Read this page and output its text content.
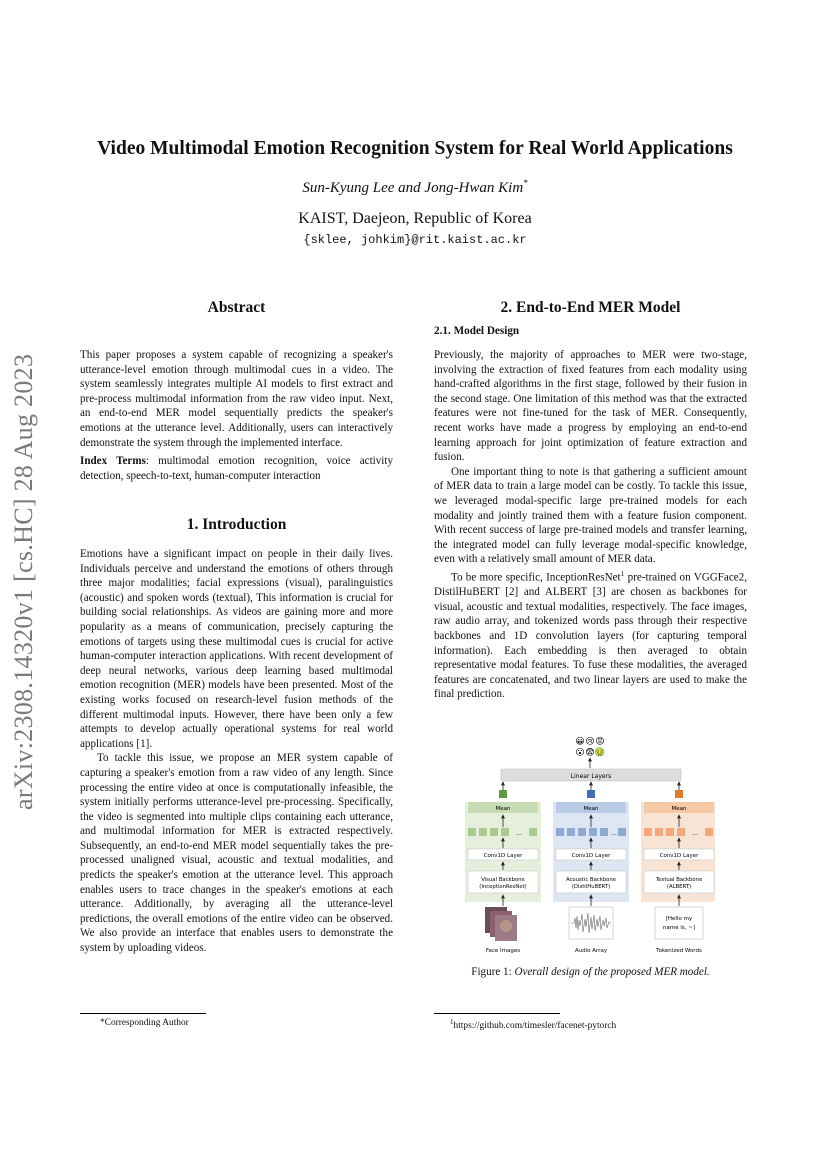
arXiv:2308.14320v1 [cs.HC] 28 Aug 2023
Video Multimodal Emotion Recognition System for Real World Applications
Sun-Kyung Lee and Jong-Hwan Kim*
KAIST, Daejeon, Republic of Korea
{sklee, johkim}@rit.kaist.ac.kr
Abstract

This paper proposes a system capable of recognizing a speaker's utterance-level emotion through multimodal cues in a video. The system seamlessly integrates multiple AI models to first extract and pre-process multimodal information from the raw video input. Next, an end-to-end MER model sequentially predicts the speaker's emotions at the utterance level. Additionally, users can interactively demonstrate the system through the implemented interface.

Index Terms: multimodal emotion recognition, voice activity detection, speech-to-text, human-computer interaction

1. Introduction

Emotions have a significant impact on people in their daily lives. Individuals perceive and understand the emotions of others through three major modalities; facial expressions (visual), paralinguistics (acoustic) and spoken words (textual), This information is crucial for building social relationships. As videos are gaining more and more popularity as a means of communication, precisely capturing the emotions of targets using these multimodal cues is crucial for active human-computer interaction applications. With recent development of deep neural networks, various deep learning based multimodal emotion recognition (MER) models have been presented. Most of the existing works focused on research-level fusion methods of the different multimodal inputs. However, there have been only a few attempts to develop actually operational systems for real world applications [1].

To tackle this issue, we propose an MER system capable of capturing a speaker's emotion from a raw video of any length. Since processing the entire video at once is computationally infeasible, the system initially performs utterance-level pre-processing. Specifically, the video is segmented into multiple clips containing each utterance, and multimodal information for MER is extracted respectively. Subsequently, an end-to-end MER model sequentially takes the pre-processed unaligned visual, acoustic and textual modalities, and predicts the speaker's emotion at the utterance level. This approach enables users to trace changes in the speaker's emotions at each utterance. Additionally, by averaging all the utterance-level predictions, the overall emotions of the entire video can be observed. We also provide an interface that enables users to demonstrate the system by uploading videos.

*Corresponding Author
2. End-to-End MER Model
2.1. Model Design

Previously, the majority of approaches to MER were two-stage, involving the extraction of fixed features from each modality using hand-crafted algorithms in the first stage, followed by their fusion in the second stage. One limitation of this method was that the extracted features were not fine-tuned for the task of MER. Consequently, recent works have made a progress by employing an end-to-end learning approach for joint optimization of feature extraction and fusion.

One important thing to note is that gathering a sufficient amount of MER data to train a large model can be costly. To tackle this issue, we leveraged modal-specific large pre-trained models for each modality and jointly trained them with a feature fusion component. With recent success of large pre-trained models and transfer learning, the integrated model can fully leverage modal-specific knowledge, even with a relatively small amount of MER data.

To be more specific, InceptionResNet$^1$ pre-trained on VGGFace2, DistilHuBERT [2] and ALBERT [3] are chosen as backbones for visual, acoustic and textual modalities, respectively. The face images, raw audio array, and tokenized words pass through their respective backbones and 1D convolution layers (for capturing temporal information). Each embedding is then averaged to obtain representative modal features. To fuse these modalities, the averaged features are concatenated, and two linear layers are used to make the final prediction.

😀 😢 😡
😮 😨 🤢
Linear Layers
Mean
...
Conv1D Layer
Visual Backbone
(InceptionResNet)
Face Images
Mean
...
Conv1D Layer
Acoustic Backbone
(DistilHuBERT)
Audio Array
Mean
...
Conv1D Layer
Textual Backbone
(ALBERT)
[Hello my
name is, ~]
Tokenized Words
Figure 1: Overall design of the proposed MER model.
$^1$https://github.com/timesler/facenet-pytorch
